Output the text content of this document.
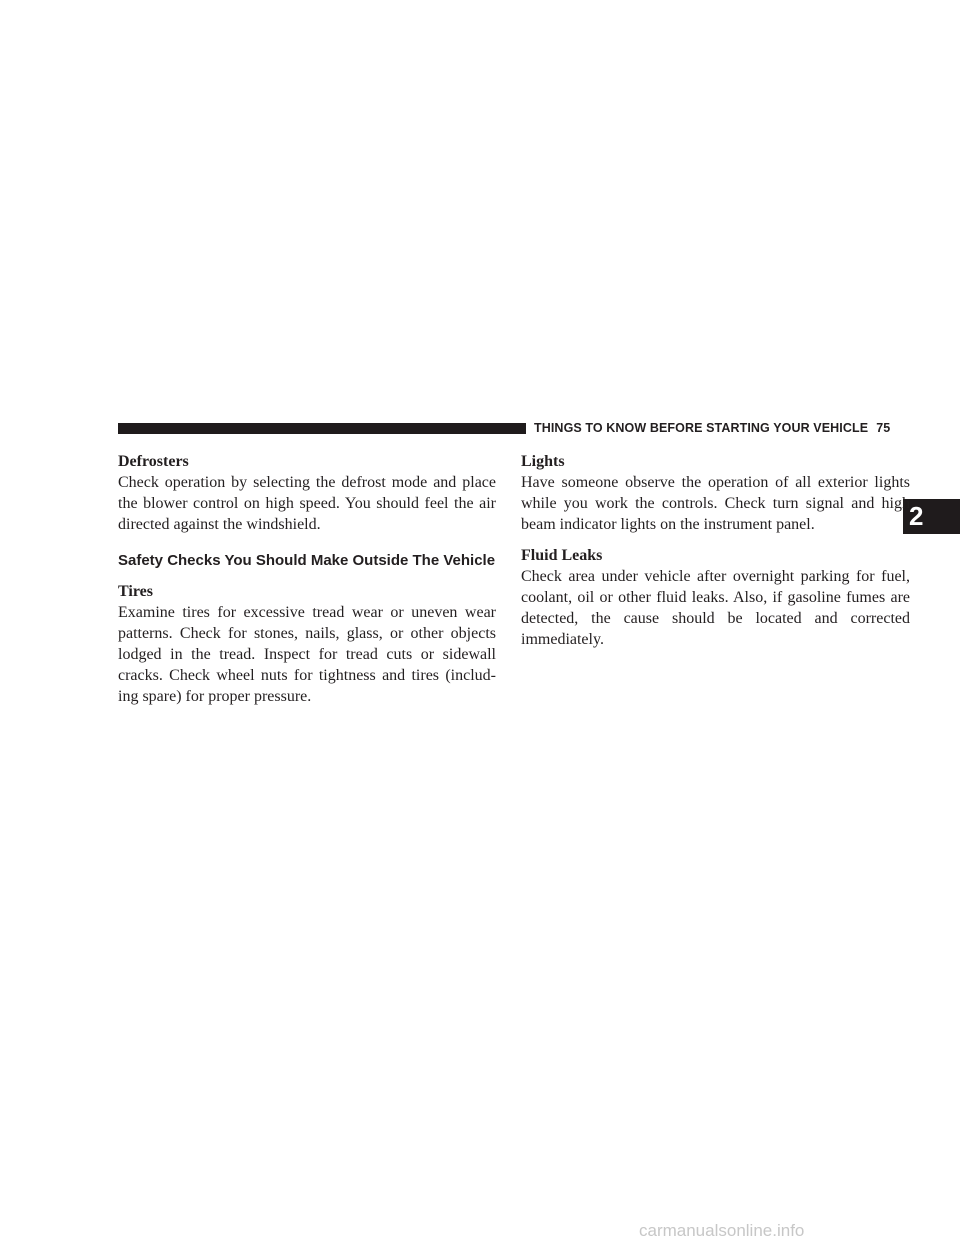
THINGS TO KNOW BEFORE STARTING YOUR VEHICLE 75
2
Defrosters

Check operation by selecting the defrost mode and place the blower control on high speed. You should feel the air directed against the windshield.

Safety Checks You Should Make Outside The Vehicle
Tires

Examine tires for excessive tread wear or uneven wear patterns. Check for stones, nails, glass, or other objects lodged in the tread. Inspect for tread cuts or sidewall cracks. Check wheel nuts for tightness and tires (includ-ing spare) for proper pressure.

Lights

Have someone observe the operation of all exterior lights while you work the controls. Check turn signal and high beam indicator lights on the instrument panel.

Fluid Leaks

Check area under vehicle after overnight parking for fuel, coolant, oil or other fluid leaks. Also, if gasoline fumes are detected, the cause should be located and corrected immediately.

carmanualsonline.info
